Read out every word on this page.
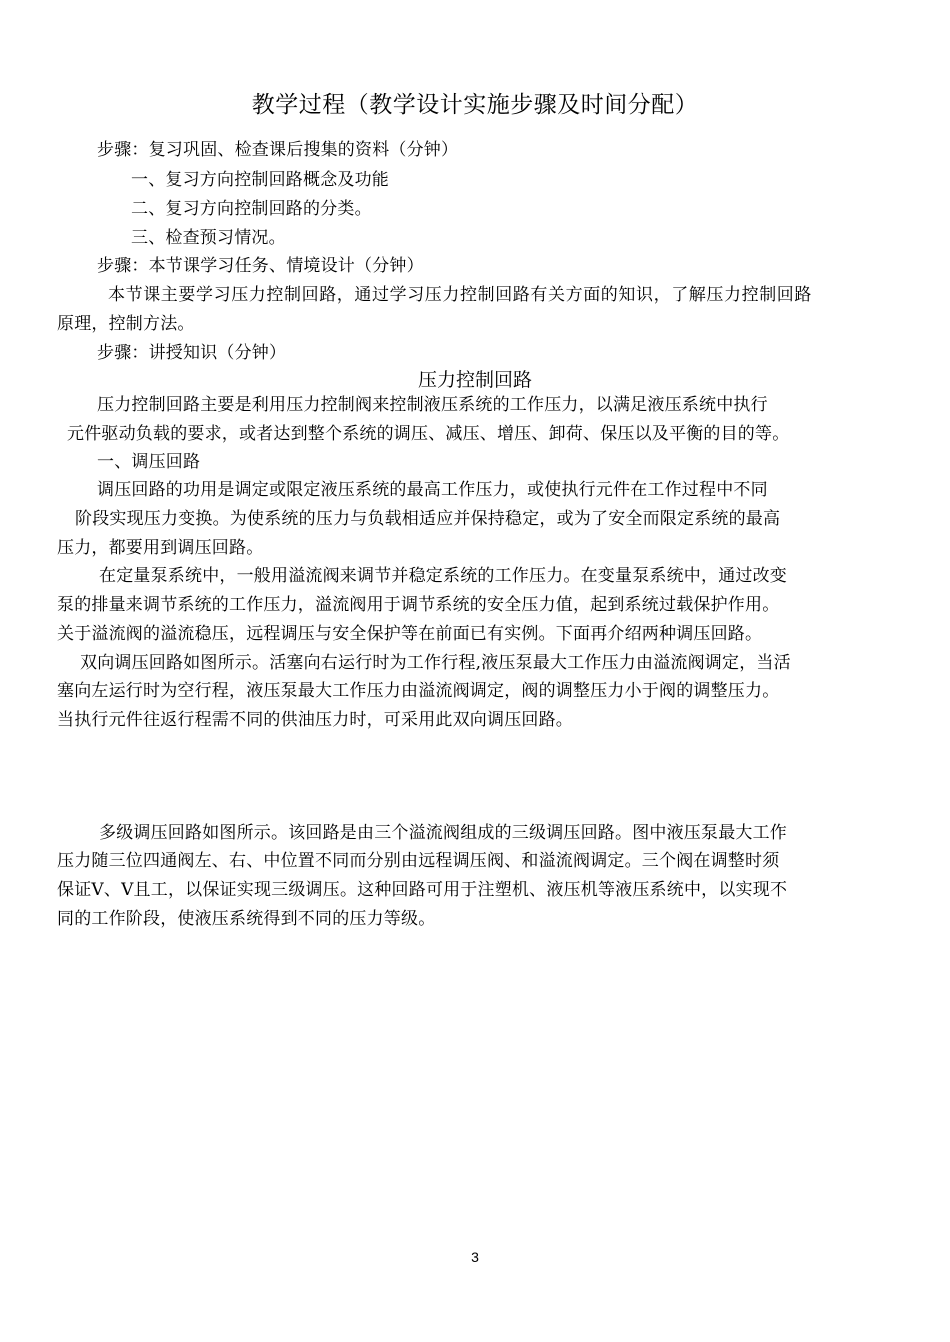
教学过程（教学设计实施步骤及时间分配）
步骤：复习巩固、检查课后搜集的资料（分钟）
一、复习方向控制回路概念及功能
二、复习方向控制回路的分类。
三、检查预习情况。
步骤：本节课学习任务、情境设计（分钟）
本节课主要学习压力控制回路，通过学习压力控制回路有关方面的知识，了解压力控制回路
原理，控制方法。
步骤：讲授知识（分钟）
压力控制回路
压力控制回路主要是利用压力控制阀来控制液压系统的工作压力，以满足液压系统中执行
元件驱动负载的要求，或者达到整个系统的调压、减压、增压、卸荷、保压以及平衡的目的等。
一、调压回路
调压回路的功用是调定或限定液压系统的最高工作压力，或使执行元件在工作过程中不同
阶段实现压力变换。为使系统的压力与负载相适应并保持稳定，或为了安全而限定系统的最高
压力，都要用到调压回路。
在定量泵系统中，一般用溢流阀来调节并稳定系统的工作压力。在变量泵系统中，通过改变
泵的排量来调节系统的工作压力，溢流阀用于调节系统的安全压力值，起到系统过载保护作用。
关于溢流阀的溢流稳压，远程调压与安全保护等在前面已有实例。下面再介绍两种调压回路。
双向调压回路如图所示。活塞向右运行时为工作行程,液压泵最大工作压力由溢流阀调定，当活
塞向左运行时为空行程，液压泵最大工作压力由溢流阀调定，阀的调整压力小于阀的调整压力。
当执行元件往返行程需不同的供油压力时，可采用此双向调压回路。
多级调压回路如图所示。该回路是由三个溢流阀组成的三级调压回路。图中液压泵最大工作
压力随三位四通阀左、右、中位置不同而分别由远程调压阀、和溢流阀调定。三个阀在调整时须
保证Ⅴ、Ⅴ且工，以保证实现三级调压。这种回路可用于注塑机、液压机等液压系统中，以实现不
同的工作阶段，使液压系统得到不同的压力等级。
3
